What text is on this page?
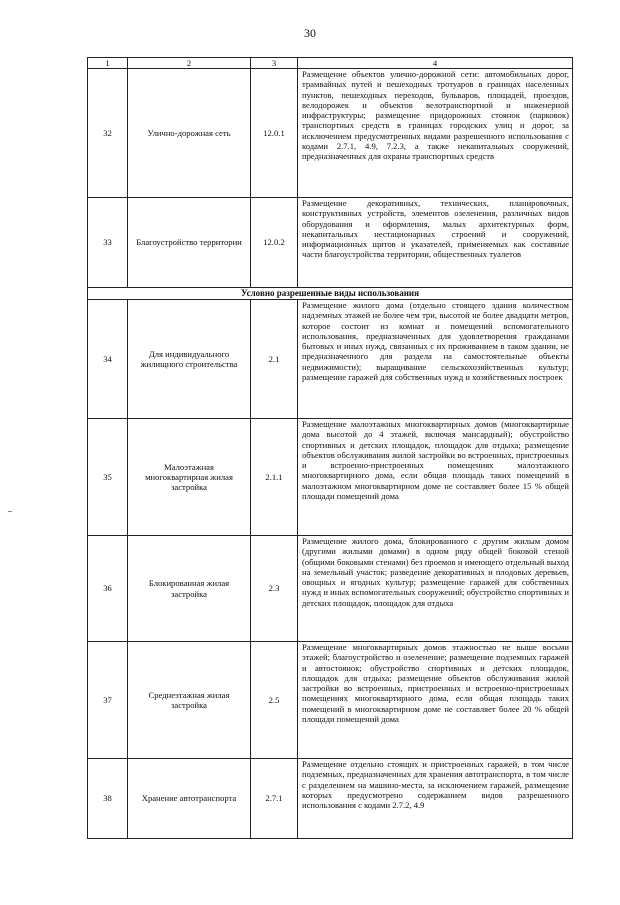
30
1	2	3	4
32	Улично-дорожная сеть	12.0.1	Размещение объектов улично-дорожной сети: автомобильных дорог, трамвайных путей и пешеходных тротуаров в границах населенных пунктов, пешеходных переходов, бульваров, площадей, проездов, велодорожек и объектов велотранспортной и инженерной инфраструктуры; размещение придорожных стоянок (парковок) транспортных средств в границах городских улиц и дорог, за исключением предусмотренных видами разрешенного использования с кодами 2.7.1, 4.9, 7.2.3, а также некапитальных сооружений, предназначенных для охраны транспортных средств
33	Благоустройство территории	12.0.2	Размещение декоративных, технических, планировочных, конструктивных устройств, элементов озеленения, различных видов оборудования и оформления, малых архитектурных форм, некапитальных нестационарных строений и сооружений, информационных щитов и указателей, применяемых как составные части благоустройства территории, общественных туалетов
Условно разрешенные виды использования			
34	Для индивидуального жилищного строительства	2.1	Размещение жилого дома (отдельно стоящего здания количеством надземных этажей не более чем три, высотой не более двадцати метров, которое состоит из комнат и помещений вспомогательного использования, предназначенных для удовлетворения гражданами бытовых и иных нужд, связанных с их проживанием в таком здании, не предназначенного для раздела на самостоятельные объекты недвижимости); выращивание сельскохозяйственных культур; размещение гаражей для собственных нужд и хозяйственных построек
35	Малоэтажная многоквартирная жилая застройка	2.1.1	Размещение малоэтажных многоквартирных домов (многоквартирные дома высотой до 4 этажей, включая мансардный); обустройство спортивных и детских площадок, площадок для отдыха; размещение объектов обслуживания жилой застройки во встроенных, пристроенных и встроенно-пристроенных помещениях малоэтажного многоквартирного дома, если общая площадь таких помещений в малоэтажном многоквартирном доме не составляет более 15 % общей площади помещений дома
36	Блокированная жилая застройка	2.3	Размещение жилого дома, блокированного с другим жилым домом (другими жилыми домами) в одном ряду общей боковой стеной (общими боковыми стенами) без проемов и имеющего отдельный выход на земельный участок; разведение декоративных и плодовых деревьев, овощных и ягодных культур; размещение гаражей для собственных нужд и иных вспомогательных сооружений; обустройство спортивных и детских площадок, площадок для отдыха
37	Среднеэтажная жилая застройка	2.5	Размещение многоквартирных домов этажностью не выше восьми этажей; благоустройство и озеленение; размещение подземных гаражей и автостоянок; обустройство спортивных и детских площадок, площадок для отдыха; размещение объектов обслуживания жилой застройки во встроенных, пристроенных и встроенно-пристроенных помещениях многоквартирного дома, если общая площадь таких помещений в многоквартирном доме не составляет более 20 % общей площади помещений дома
38	Хранение автотранспорта	2.7.1	Размещение отдельно стоящих и пристроенных гаражей, в том числе подземных, предназначенных для хранения автотранспорта, в том числе с разделением на машино-места, за исключением гаражей, размещение которых предусмотрено содержанием видов разрешенного использования с кодами 2.7.2, 4.9
